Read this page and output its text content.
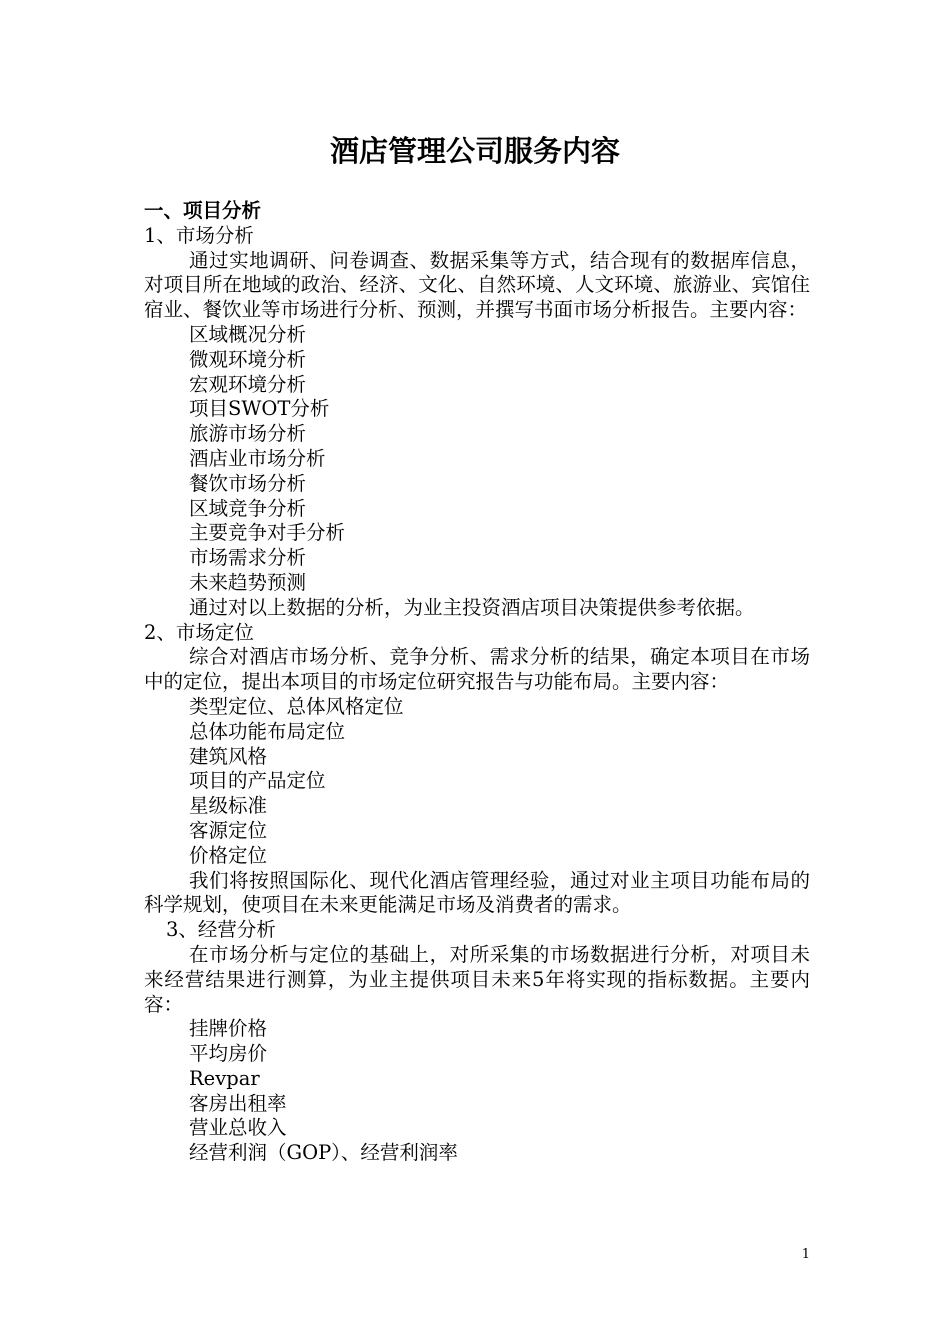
酒店管理公司服务内容

一、项目分析

1、市场分析

通过实地调研、问卷调查、数据采集等方式，结合现有的数据库信息，对项目所在地域的政治、经济、文化、自然环境、人文环境、旅游业、宾馆住宿业、餐饮业等市场进行分析、预测，并撰写书面市场分析报告。主要内容：

区域概况分析

微观环境分析

宏观环境分析

项目SWOT分析

旅游市场分析

酒店业市场分析

餐饮市场分析

区域竞争分析

主要竞争对手分析

市场需求分析

未来趋势预测

通过对以上数据的分析，为业主投资酒店项目决策提供参考依据。

2、市场定位

综合对酒店市场分析、竞争分析、需求分析的结果，确定本项目在市场中的定位，提出本项目的市场定位研究报告与功能布局。主要内容：

类型定位、总体风格定位

总体功能布局定位

建筑风格

项目的产品定位

星级标准

客源定位

价格定位

我们将按照国际化、现代化酒店管理经验，通过对业主项目功能布局的科学规划，使项目在未来更能满足市场及消费者的需求。

3、经营分析

在市场分析与定位的基础上，对所采集的市场数据进行分析，对项目未来经营结果进行测算，为业主提供项目未来5年将实现的指标数据。主要内容：

挂牌价格

平均房价

Revpar

客房出租率

营业总收入

经营利润（GOP）、经营利润率

1
